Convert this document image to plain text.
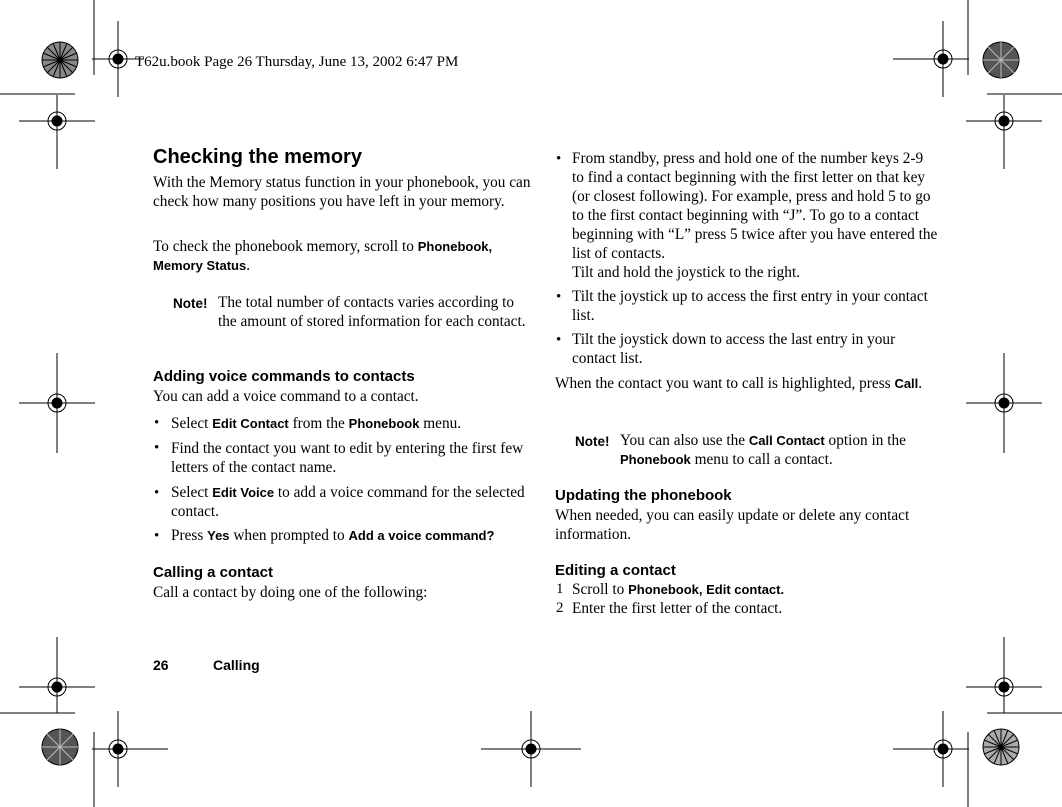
T62u.book Page 26 Thursday, June 13, 2002 6:47 PM
Checking the memory
With the Memory status function in your phonebook, you can check how many positions you have left in your memory.
To check the phonebook memory, scroll to Phonebook, Memory Status.
Note! The total number of contacts varies according to the amount of stored information for each contact.
Adding voice commands to contacts
You can add a voice command to a contact.
• Select Edit Contact from the Phonebook menu.
• Find the contact you want to edit by entering the first few letters of the contact name.
• Select Edit Voice to add a voice command for the selected contact.
• Press Yes when prompted to Add a voice command?
Calling a contact
Call a contact by doing one of the following:
• From standby, press and hold one of the number keys 2-9 to find a contact beginning with the first letter on that key (or closest following). For example, press and hold 5 to go to the first contact beginning with “J”. To go to a contact beginning with “L” press 5 twice after you have entered the list of contacts.
Tilt and hold the joystick to the right.
• Tilt the joystick up to access the first entry in your contact list.
• Tilt the joystick down to access the last entry in your contact list.
When the contact you want to call is highlighted, press Call.
Note! You can also use the Call Contact option in the Phonebook menu to call a contact.
Updating the phonebook
When needed, you can easily update or delete any contact information.
Editing a contact
1 Scroll to Phonebook, Edit contact.
2 Enter the first letter of the contact.
26	Calling
